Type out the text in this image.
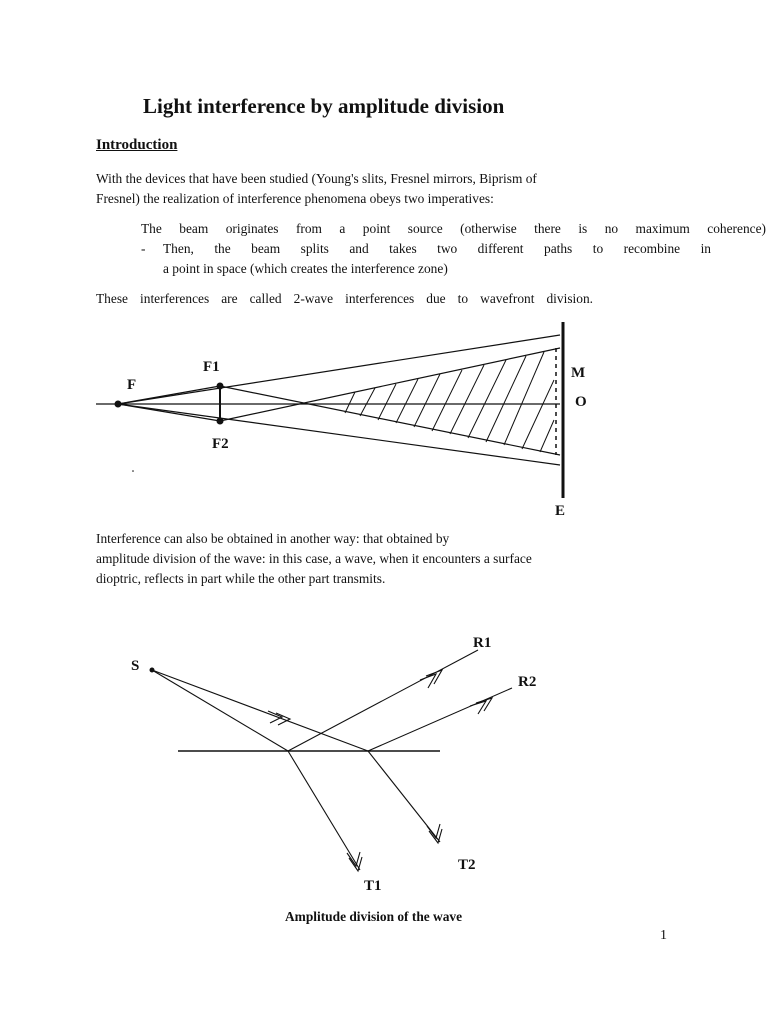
Light interference by amplitude division
Introduction
With the devices that have been studied (Young's slits, Fresnel mirrors, Biprism of
Fresnel) the realization of interference phenomena obeys two imperatives:
The beam originates from a point source (otherwise there is no maximum coherence)
- Then, the beam splits and takes two different paths to recombine in
a point in space (which creates the interference zone)
These interferences are called 2-wave interferences due to wavefront division.
F
F1
F2
M
O
E
Interference can also be obtained in another way: that obtained by
amplitude division of the wave: in this case, a wave, when it encounters a surface
dioptric, reflects in part while the other part transmits.
S
R1
R2
T1
T2
Amplitude division of the wave
1
